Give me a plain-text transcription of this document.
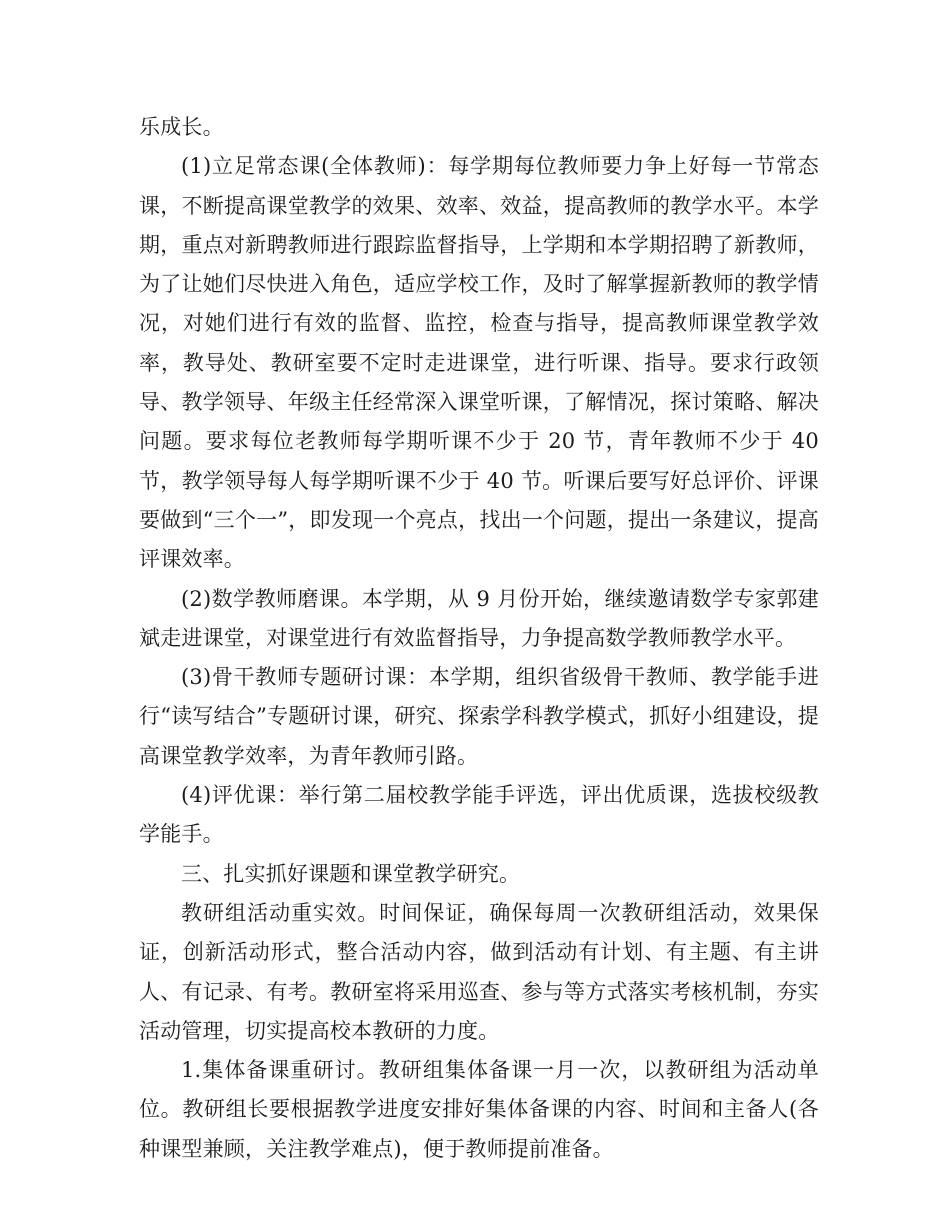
乐成长。

(1)立足常态课(全体教师)：每学期每位教师要力争上好每一节常态课，不断提高课堂教学的效果、效率、效益，提高教师的教学水平。本学期，重点对新聘教师进行跟踪监督指导，上学期和本学期招聘了新教师，为了让她们尽快进入角色，适应学校工作，及时了解掌握新教师的教学情况，对她们进行有效的监督、监控，检查与指导，提高教师课堂教学效率，教导处、教研室要不定时走进课堂，进行听课、指导。要求行政领导、教学领导、年级主任经常深入课堂听课，了解情况，探讨策略、解决问题。要求每位老教师每学期听课不少于 20 节，青年教师不少于 40 节，教学领导每人每学期听课不少于 40 节。听课后要写好总评价、评课要做到“三个一”，即发现一个亮点，找出一个问题，提出一条建议，提高评课效率。

(2)数学教师磨课。本学期，从 9 月份开始，继续邀请数学专家郭建斌走进课堂，对课堂进行有效监督指导，力争提高数学教师教学水平。

(3)骨干教师专题研讨课：本学期，组织省级骨干教师、教学能手进行“读写结合”专题研讨课，研究、探索学科教学模式，抓好小组建设，提高课堂教学效率，为青年教师引路。

(4)评优课：举行第二届校教学能手评选，评出优质课，选拔校级教学能手。

三、扎实抓好课题和课堂教学研究。

教研组活动重实效。时间保证，确保每周一次教研组活动，效果保证，创新活动形式，整合活动内容，做到活动有计划、有主题、有主讲人、有记录、有考。教研室将采用巡查、参与等方式落实考核机制，夯实活动管理，切实提高校本教研的力度。

1.集体备课重研讨。教研组集体备课一月一次，以教研组为活动单位。教研组长要根据教学进度安排好集体备课的内容、时间和主备人(各种课型兼顾，关注教学难点)，便于教师提前准备。
